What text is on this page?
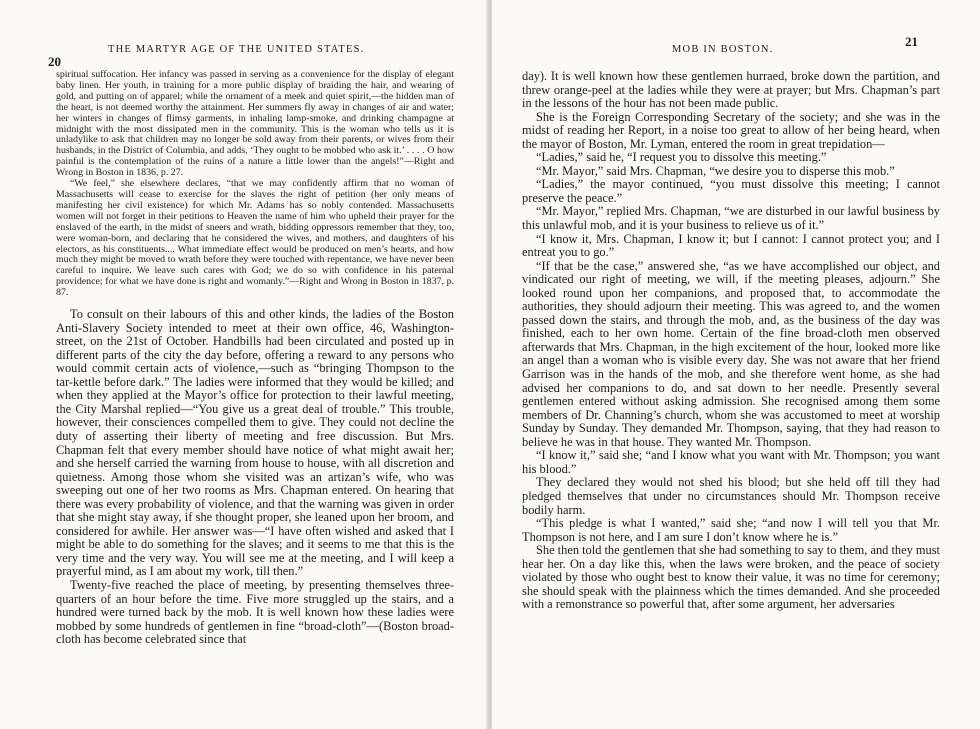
20
THE MARTYR AGE OF THE UNITED STATES.

spiritual suffocation. Her infancy was passed in serving as a convenience for the display of elegant baby linen. Her youth, in training for a more public display of braiding the hair, and wearing of gold, and putting on of apparel; while the ornament of a meek and quiet spirit,—the hidden man of the heart, is not deemed worthy the attainment. Her summers fly away in changes of air and water; her winters in changes of flimsy garments, in inhaling lamp-smoke, and drinking champagne at midnight with the most dissipated men in the community. This is the woman who tells us it is unladylike to ask that children may no longer be sold away from their parents, or wives from their husbands, in the District of Columbia, and adds, ‘They ought to be mobbed who ask it.’ . . . . O how painful is the contemplation of the ruins of a nature a little lower than the angels!”—Right and Wrong in Boston in 1836, p. 27.

“We feel,” she elsewhere declares, “that we may confidently affirm that no woman of Massachusetts will cease to exercise for the slaves the right of petition (her only means of manifesting her civil existence) for which Mr. Adams has so nobly contended. Massachusetts women will not forget in their petitions to Heaven the name of him who upheld their prayer for the enslaved of the earth, in the midst of sneers and wrath, bidding oppressors remember that they, too, were woman-born, and declaring that he considered the wives, and mothers, and daughters of his electors, as his constituents.... What immediate effect would be produced on men’s hearts, and how much they might be moved to wrath before they were touched with repentance, we have never been careful to inquire. We leave such cares with God; we do so with confidence in his paternal providence; for what we have done is right and womanly.”—Right and Wrong in Boston in 1837, p. 87.

To consult on their labours of this and other kinds, the ladies of the Boston Anti-Slavery Society intended to meet at their own office, 46, Washington-street, on the 21st of October. Handbills had been circulated and posted up in different parts of the city the day before, offering a reward to any persons who would commit certain acts of violence,—such as “bringing Thompson to the tar-kettle before dark.” The ladies were informed that they would be killed; and when they applied at the Mayor’s office for protection to their lawful meeting, the City Marshal replied—“You give us a great deal of trouble.” This trouble, however, their consciences compelled them to give. They could not decline the duty of asserting their liberty of meeting and free discussion. But Mrs. Chapman felt that every member should have notice of what might await her; and she herself carried the warning from house to house, with all discretion and quietness. Among those whom she visited was an artizan’s wife, who was sweeping out one of her two rooms as Mrs. Chapman entered. On hearing that there was every probability of violence, and that the warning was given in order that she might stay away, if she thought proper, she leaned upon her broom, and considered for awhile. Her answer was—“I have often wished and asked that I might be able to do something for the slaves; and it seems to me that this is the very time and the very way. You will see me at the meeting, and I will keep a prayerful mind, as I am about my work, till then.”

Twenty-five reached the place of meeting, by presenting themselves three-quarters of an hour before the time. Five more struggled up the stairs, and a hundred were turned back by the mob. It is well known how these ladies were mobbed by some hundreds of gentlemen in fine “broad-cloth”—(Boston broad-cloth has become celebrated since that

MOB IN BOSTON.
21

day). It is well known how these gentlemen hurraed, broke down the partition, and threw orange-peel at the ladies while they were at prayer; but Mrs. Chapman’s part in the lessons of the hour has not been made public.

She is the Foreign Corresponding Secretary of the society; and she was in the midst of reading her Report, in a noise too great to allow of her being heard, when the mayor of Boston, Mr. Lyman, entered the room in great trepidation—

“Ladies,” said he, “I request you to dissolve this meeting.”

“Mr. Mayor,” said Mrs. Chapman, “we desire you to disperse this mob.”

“Ladies,” the mayor continued, “you must dissolve this meeting; I cannot preserve the peace.”

“Mr. Mayor,” replied Mrs. Chapman, “we are disturbed in our lawful business by this unlawful mob, and it is your business to relieve us of it.”

“I know it, Mrs. Chapman, I know it; but I cannot: I cannot protect you; and I entreat you to go.”

“If that be the case,” answered she, “as we have accomplished our object, and vindicated our right of meeting, we will, if the meeting pleases, adjourn.” She looked round upon her companions, and proposed that, to accommodate the authorities, they should adjourn their meeting. This was agreed to, and the women passed down the stairs, and through the mob, and, as the business of the day was finished, each to her own home. Certain of the fine broad-cloth men observed afterwards that Mrs. Chapman, in the high excitement of the hour, looked more like an angel than a woman who is visible every day. She was not aware that her friend Garrison was in the hands of the mob, and she therefore went home, as she had advised her companions to do, and sat down to her needle. Presently several gentlemen entered without asking admission. She recognised among them some members of Dr. Channing’s church, whom she was accustomed to meet at worship Sunday by Sunday. They demanded Mr. Thompson, saying, that they had reason to believe he was in that house. They wanted Mr. Thompson.

“I know it,” said she; “and I know what you want with Mr. Thompson; you want his blood.”

They declared they would not shed his blood; but she held off till they had pledged themselves that under no circumstances should Mr. Thompson receive bodily harm.

“This pledge is what I wanted,” said she; “and now I will tell you that Mr. Thompson is not here, and I am sure I don’t know where he is.”

She then told the gentlemen that she had something to say to them, and they must hear her. On a day like this, when the laws were broken, and the peace of society violated by those who ought best to know their value, it was no time for ceremony; she should speak with the plainness which the times demanded. And she proceeded with a remonstrance so powerful that, after some argument, her adversaries
